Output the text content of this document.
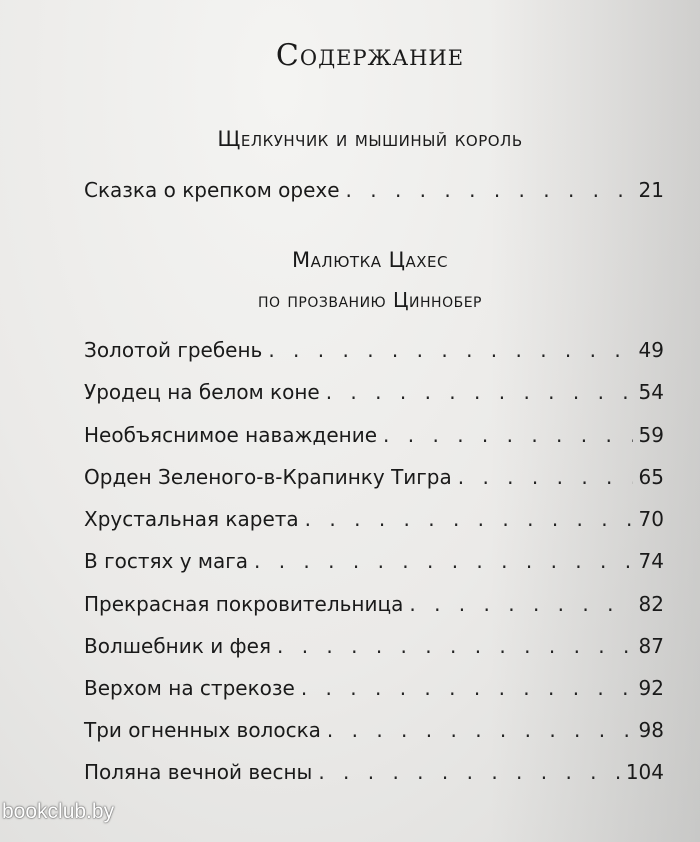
Содержание
Щелкунчик и мышиный король
Сказка о крепком орехе . . .	21
Малютка Цахес
по прозванию Циннобер
Золотой гребень . . .	49
Уродец на белом коне . . .	54
Необъяснимое наваждение . . .	59
Орден Зеленого-в-Крапинку Тигра . . .	65
Хрустальная карета . . .	70
В гостях у мага . . .	74
Прекрасная покровительница . . .	82
Волшебник и фея . . .	87
Верхом на стрекозе . . .	92
Три огненных волоска . . .	98
Поляна вечной весны . . .	104
bookclub.by
